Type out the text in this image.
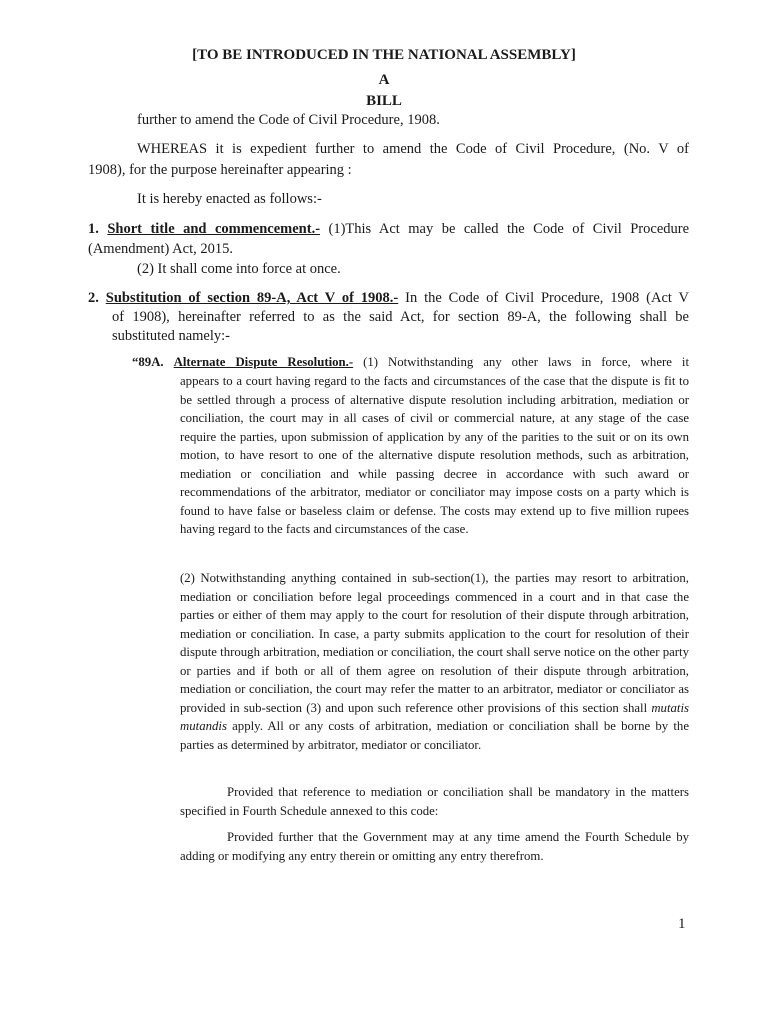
[TO BE INTRODUCED IN THE NATIONAL ASSEMBLY]
A
BILL
further to amend the Code of Civil Procedure, 1908.
WHEREAS it is expedient further to amend the Code of Civil Procedure, (No. V of
1908), for the purpose hereinafter appearing :
It is hereby enacted as follows:-
1. Short title and commencement.- (1)This Act may be called the Code of Civil Procedure
(Amendment) Act, 2015.
(2) It shall come into force at once.
2. Substitution of section 89-A, Act V of 1908.- In the Code of Civil Procedure, 1908 (Act V
of 1908), hereinafter referred to as the said Act, for section 89-A, the following shall be
substituted namely:-
“89A. Alternate Dispute Resolution.- (1) Notwithstanding any other laws in force, where it
appears to a court having regard to the facts and circumstances of the case that the dispute is fit to be settled through a process of alternative dispute resolution including arbitration, mediation or conciliation, the court may in all cases of civil or commercial nature, at any stage of the case require the parties, upon submission of application by any of the parities to the suit or on its own motion, to have resort to one of the alternative dispute resolution methods, such as arbitration, mediation or conciliation and while passing decree in accordance with such award or recommendations of the arbitrator, mediator or conciliator may impose costs on a party which is found to have false or baseless claim or defense. The costs may extend up to five million rupees having regard to the facts and circumstances of the case.
(2) Notwithstanding anything contained in sub-section(1), the parties may resort to arbitration, mediation or conciliation before legal proceedings commenced in a court and in that case the parties or either of them may apply to the court for resolution of their dispute through arbitration, mediation or conciliation. In case, a party submits application to the court for resolution of their dispute through arbitration, mediation or conciliation, the court shall serve notice on the other party or parties and if both or all of them agree on resolution of their dispute through arbitration, mediation or conciliation, the court may refer the matter to an arbitrator, mediator or conciliator as provided in sub-section (3) and upon such reference other provisions of this section shall mutatis mutandis apply. All or any costs of arbitration, mediation or conciliation shall be borne by the parties as determined by arbitrator, mediator or conciliator.
Provided that reference to mediation or conciliation shall be mandatory in the matters specified in Fourth Schedule annexed to this code:
Provided further that the Government may at any time amend the Fourth Schedule by adding or modifying any entry therein or omitting any entry therefrom.
1
